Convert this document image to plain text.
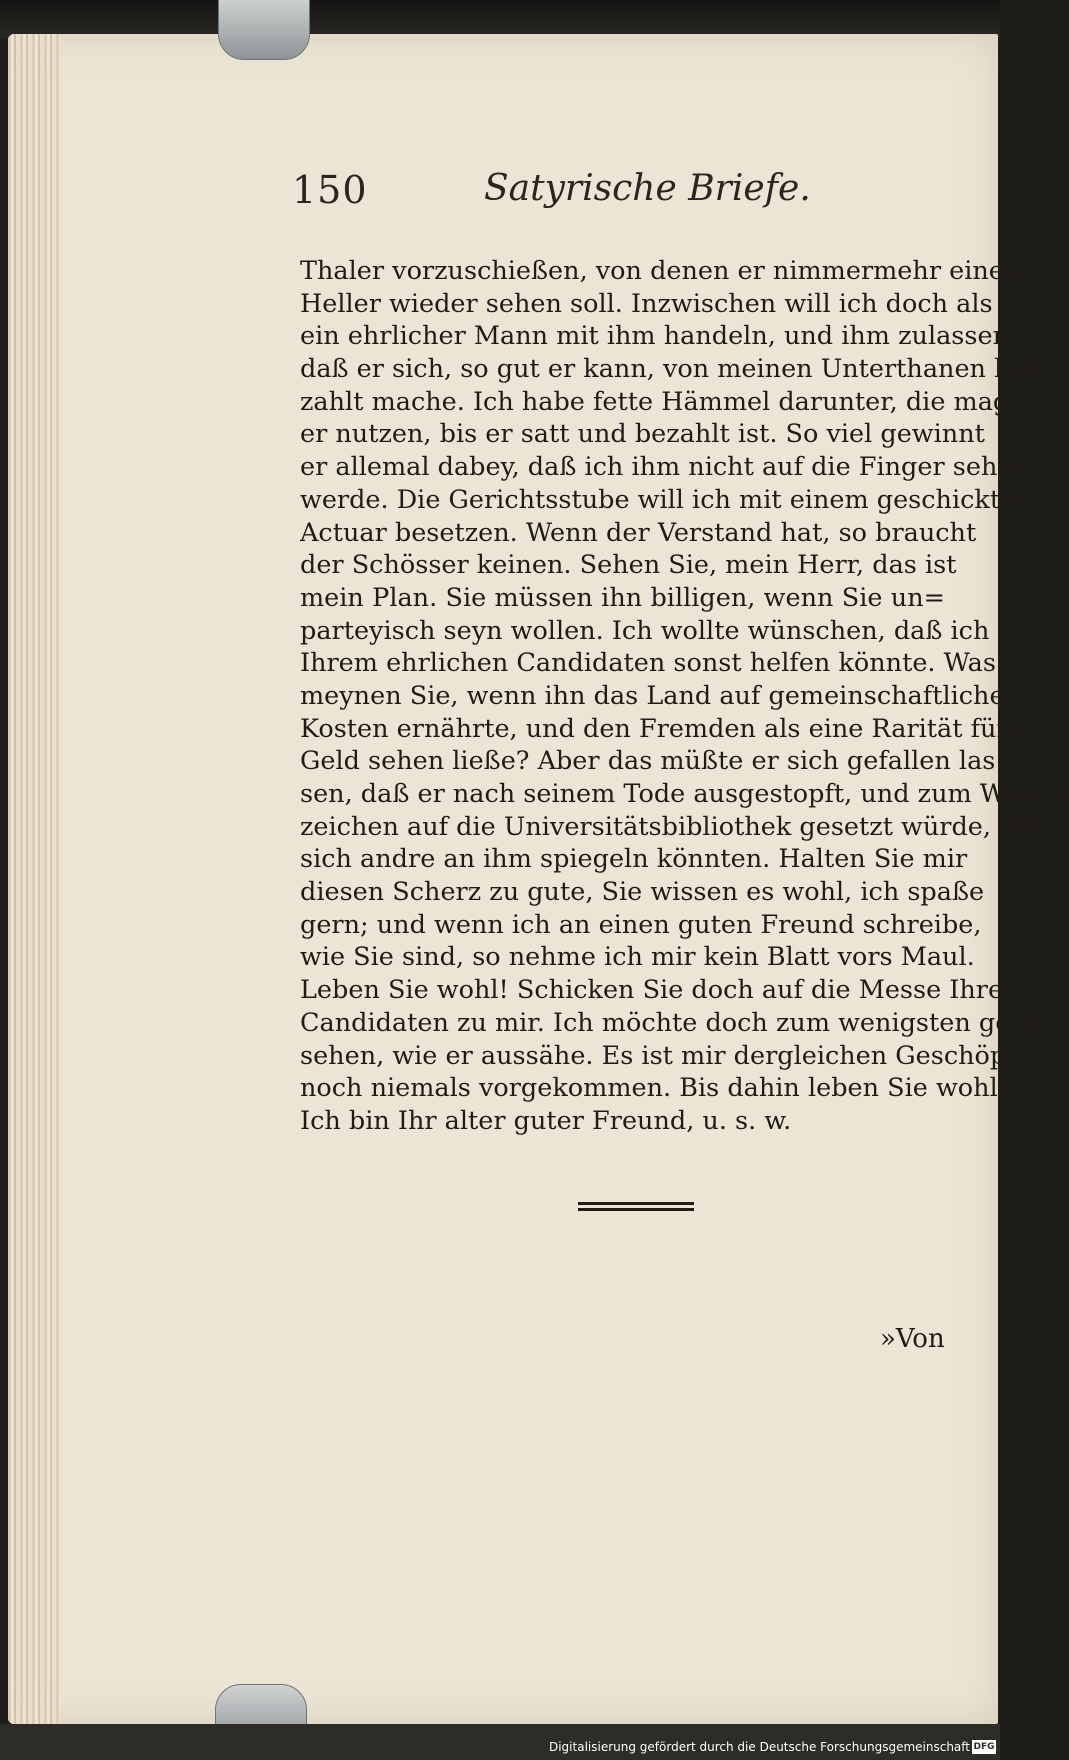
150	Satyrische Briefe.
Thaler vorzuschießen, von denen er nimmermehr einen
Heller wieder sehen soll. Inzwischen will ich doch als
ein ehrlicher Mann mit ihm handeln, und ihm zulassen,
daß er sich, so gut er kann, von meinen Unterthanen be=
zahlt mache. Ich habe fette Hämmel darunter, die mag
er nutzen, bis er satt und bezahlt ist. So viel gewinnt
er allemal dabey, daß ich ihm nicht auf die Finger sehen
werde. Die Gerichtsstube will ich mit einem geschickten
Actuar besetzen. Wenn der Verstand hat, so braucht
der Schösser keinen. Sehen Sie, mein Herr, das ist
mein Plan. Sie müssen ihn billigen, wenn Sie un=
parteyisch seyn wollen. Ich wollte wünschen, daß ich
Ihrem ehrlichen Candidaten sonst helfen könnte. Was
meynen Sie, wenn ihn das Land auf gemeinschaftliche
Kosten ernährte, und den Fremden als eine Rarität fürs
Geld sehen ließe? Aber das müßte er sich gefallen las=
sen, daß er nach seinem Tode ausgestopft, und zum Wahr=
zeichen auf die Universitätsbibliothek gesetzt würde, daß
sich andre an ihm spiegeln könnten. Halten Sie mir
diesen Scherz zu gute, Sie wissen es wohl, ich spaße
gern; und wenn ich an einen guten Freund schreibe,
wie Sie sind, so nehme ich mir kein Blatt vors Maul.
Leben Sie wohl! Schicken Sie doch auf die Messe Ihren
Candidaten zu mir. Ich möchte doch zum wenigsten gern
sehen, wie er aussähe. Es ist mir dergleichen Geschöpf
noch niemals vorgekommen. Bis dahin leben Sie wohl!
Ich bin Ihr alter guter Freund, u. s. w.
»Von
Digitalisierung gefördert durch die Deutsche Forschungsgemeinschaft DFG
